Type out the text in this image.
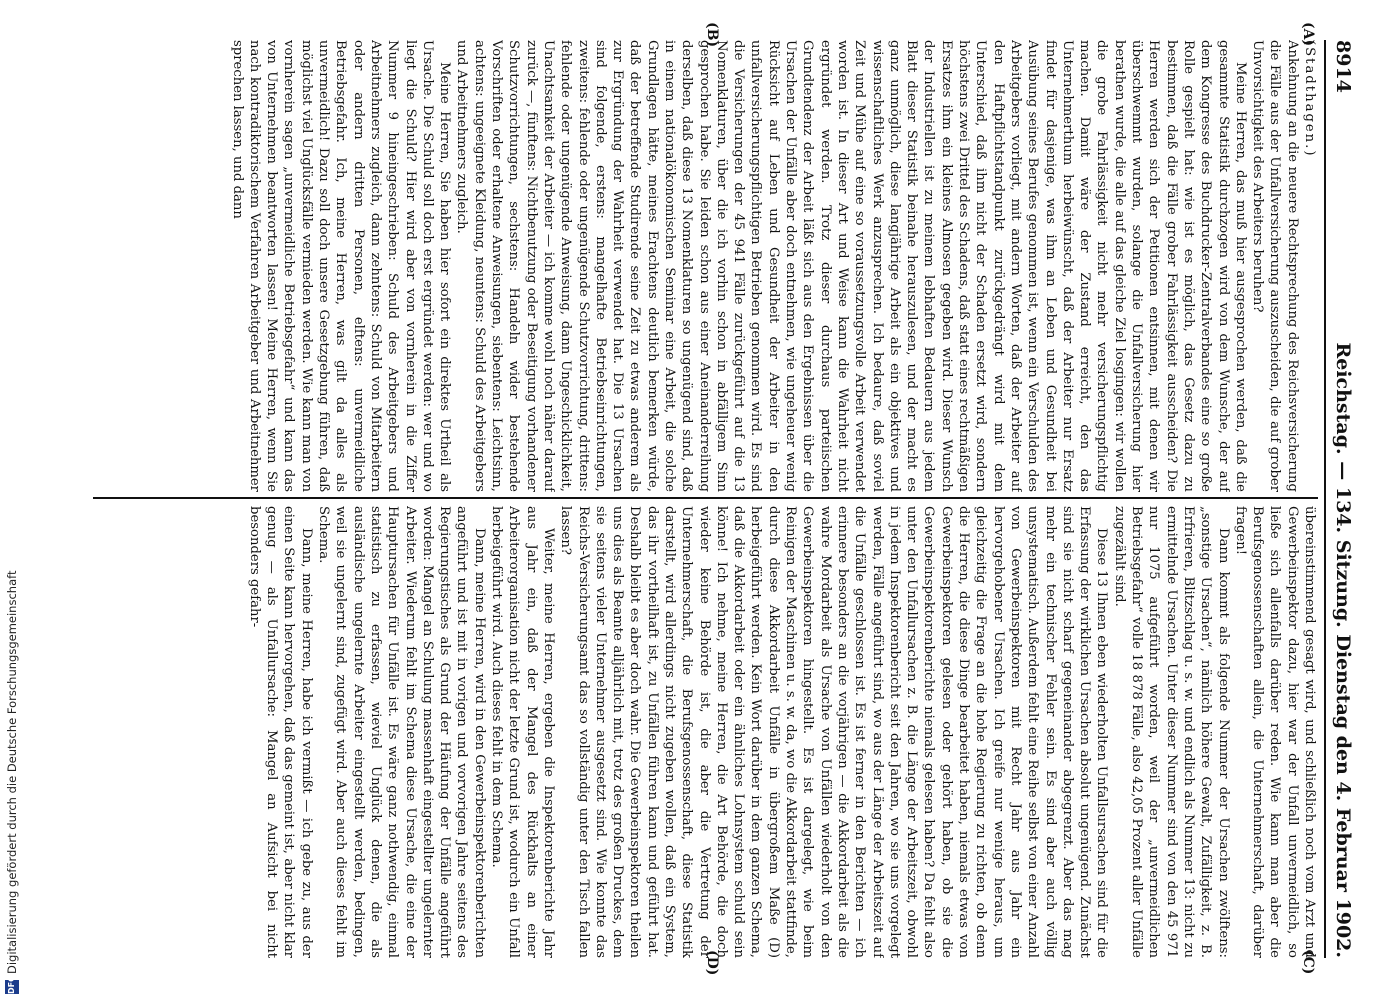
DFG
Digitalisierung gefördert durch die Deutsche Forschungsgemeinschaft
8914
Reichstag. — 134. Sitzung. Dienstag den 4. Februar 1902.
(A)
(B)
(C)
(D)

(Stadthagen.)

Ankehnung an die neuere Rechtsprechung des Reichsversicherung die Fälle aus der Unfallversicherung auszuscheiden, die auf grober Unvorsichtigkeit des Arbeiters beruhen?

Meine Herren, das muß hier ausgesprochen werden, daß die gesammte Statistik durchzogen wird von dem Wunsche, der auf dem Kongresse des Buchdrucker-Zentralverbandes eine so große Rolle gespielt hat: wie ist es möglich, das Gesetz dazu zu bestimmen, daß die Fälle grober Fahrlässigkeit ausscheiden? Die Herren werden sich der Petitionen entsinnen, mit denen wir überschwemmt wurden, solange die Unfallversicherung hier berathen wurde, die alle auf das gleiche Ziel losgingen: wir wollen die grobe Fahrlässigkeit nicht mehr versicherungspflichtig machen. Damit wäre der Zustand erreicht, den das Unternehmerthum herbeiwünscht, daß der Arbeiter nur Ersatz findet für dasjenige, was ihm an Leben und Gesundheit bei Ausübung seines Berufes genommen ist, wenn ein Verschulden des Arbeitgebers vorliegt, mit andern Worten, daß der Arbeiter auf den Haftpflichtstandpunkt zurückgedrängt wird mit dem Unterschied, daß ihm nicht der Schaden ersetzt wird, sondern höchstens zwei Drittel des Schadens, daß statt eines rechtmäßigen Ersatzes ihm ein kleines Almosen gegeben wird. Dieser Wunsch der Industriellen ist zu meinem lebhaften Bedauern aus jedem Blatt dieser Statistik beinahe herauszulesen, und der macht es ganz unmöglich, diese langjährige Arbeit als ein objektives und wissenschaftliches Werk anzusprechen. Ich bedaure, daß soviel Zeit und Mühe auf eine so voraussetzungsvolle Arbeit verwendet worden ist. In dieser Art und Weise kann die Wahrheit nicht ergründet werden. Trotz dieser durchaus parteiischen Grundtendenz der Arbeit läßt sich aus den Ergebnissen über die Ursachen der Unfälle aber doch entnehmen, wie ungeheuer wenig Rücksicht auf Leben und Gesundheit der Arbeiter in den unfallversicherungspflichtigen Betrieben genommen wird. Es sind die Versicherungen der 45 941 Fälle zurückgeführt auf die 13 Nomenklaturen, über die ich vorhin schon in abfälligem Sinn gesprochen habe. Sie leiden schon aus einer Aneinanderreihung derselben, daß diese 13 Nomenklaturen so ungenügend sind, daß in einem nationalökonomischen Seminar eine Arbeit, die solche Grundlagen hätte, meines Erachtens deutlich bemerken würde, daß der betreffende Studirende seine Zeit zu etwas anderem als zur Ergründung der Wahrheit verwendet hat. Die 13 Ursachen sind folgende, erstens: mangelhafte Betriebseinrichtungen, zweitens: fehlende oder ungenügende Schutzvorrichtung, drittens: fehlende oder ungenügende Anweisung, dann Ungeschicklichkeit, Unachtsamkeit der Arbeiter — ich komme wohl noch näher darauf zurück —, fünftens: Nichtbenutzung oder Beseitigung vorhandener Schutzvorrichtungen, sechstens: Handeln wider bestehende Vorschriften oder erhaltene Anweisungen, siebentens: Leichtsinn, achtens: ungeeignete Kleidung, neuntens: Schuld des Arbeitgebers und Arbeitnehmers zugleich.

Meine Herren, Sie haben hier sofort ein direktes Urtheil als Ursache. Die Schuld soll doch erst ergründet werden: wer und wo liegt die Schuld? Hier wird aber von vornherein in die Ziffer Nummer 9 hineingeschrieben: Schuld des Arbeitgebers und Arbeitnehmers zugleich, dann zehntens: Schuld von Mitarbeitern oder andern dritten Personen, elftens: unvermeidliche Betriebsgefahr. Ich, meine Herren, was gilt da alles als unvermeidlich! Dazu soll doch unsere Gesetzgebung führen, daß möglichst viel Unglücksfälle vermieden werden. Wie kann man von vornherein sagen „unvermeidliche Betriebsgefahr“ und kann das von Unternehmen beantworten lassen! Meine Herren, wenn Sie nach kontradiktorischem Verfahren Arbeitgeber und Arbeitnehmer sprechen lassen, und dann

übereinstimmend gesagt wird, und schließlich noch vom Arzt und Gewerbeinspektor dazu, hier war der Unfall unvermeidlich, so ließe sich allenfalls darüber reden. Wie kann man aber die Berufsgenossenschaften allein, die Unternehmerschaft, darüber fragen!

Dann kommt als folgende Nummer der Ursachen zwölftens: „sonstige Ursachen“, nämlich höhere Gewalt, Zufälligkeit, z. B. Erfrieren, Blitzschlag u. s. w. und endlich als Nummer 13: nicht zu ermittelnde Ursachen. Unter dieser Nummer sind von den 45 971 nur 1075 aufgeführt worden, weil der „unvermeidlichen Betriebsgefahr“ volle 18 878 Fälle, also 42,05 Prozent aller Unfälle zugezählt sind.

Diese 13 Ihnen eben wiederholten Unfallsursachen sind für die Erfassung der wirklichen Ursachen absolut ungenügend. Zunächst sind sie nicht scharf gegeneinander abgegrenzt. Aber das mag mehr ein technischer Fehler sein. Es sind aber auch völlig unsystematisch. Außerdem fehlt eine Reihe selbst von einer Anzahl von Gewerbeinspektoren mit Recht Jahr aus Jahr ein hervorgehobener Ursachen. Ich greife nur wenige heraus, um gleichzeitig die Frage an die hohe Regierung zu richten, ob denn die Herren, die diese Dinge bearbeitet haben, niemals etwas von Gewerbeinspektoren gelesen oder gehört haben, ob sie die Gewerbeinspektorenberichte niemals gelesen haben? Da fehlt also unter den Unfallursachen z. B. die Länge der Arbeitszeit, obwohl in jedem Inspektorenbericht seit den Jahren, wo sie uns vorgelegt werden, Fälle angeführt sind, wo aus der Länge der Arbeitszeit auf die Unfälle geschlossen ist. Es ist ferner in den Berichten — ich erinnere besonders an die vorjährigen — die Akkordarbeit als die wahre Mordarbeit als Ursache von Unfällen wiederholt von den Gewerbeinspektoren hingestellt. Es ist dargelegt, wie beim Reinigen der Maschinen u. s. w. da, wo die Akkordarbeit stattfinde, durch diese Akkordarbeit Unfälle in übergroßem Maße (D) herbeigeführt werden. Kein Wort darüber in dem ganzen Schema, daß die Akkordarbeit oder ein ähnliches Lohnsystem schuld sein könne! Ich nehme, meine Herren, die Art Behörde, die doch wieder keine Behörde ist, die aber die Vertretung der Unternehmerschaft, die Berufsgenossenschaft, diese Statistik darstellt, wird allerdings nicht zugeben wollen, daß ein System, das ihr vortheilhaft ist, zu Unfällen führen kann und geführt hat. Deshalb bleibt es aber doch wahr. Die Gewerbeinspektoren theilen uns dies als Beamte alljährlich mit, trotz des großen Druckes, dem sie seitens vieler Unternehmer ausgesetzt sind. Wie konnte das Reichs-Versicherungsamt das so vollständig unter den Tisch fallen lassen?

Weiter, meine Herren, ergeben die Inspektorenberichte Jahr aus Jahr ein, daß der Mangel des Rückhalts an einer Arbeiterorganisation nicht der letzte Grund ist, wodurch ein Unfall herbeigeführt wird. Auch dieses fehlt in dem Schema.

Dann, meine Herren, wird in den Gewerbeinspektorenberichten angeführt und ist mit in vorigen und vorvorigen Jahre seitens des Regierungstisches als Grund der Häufung der Unfälle angeführt worden: Mangel an Schulung massenhaft eingestellter ungelernter Arbeiter. Wiederum fehlt im Schema diese Ursache, die eine der Hauptursachen für Unfälle ist. Es wäre ganz nothwendig, einmal statistisch zu erfassen, wieviel Unglück denen, die als ausländische ungelernte Arbeiter eingestellt werden, bedingen, weil sie ungelernt sind, zugefügt wird. Aber auch dieses fehlt im Schema.

Dann, meine Herren, habe ich vermißt — ich gebe zu, aus der einen Seite kann hervorgehen, daß das gemeint ist, aber nicht klar genug — als Unfallursache: Mangel an Aufsicht bei nicht besonders gefahr-
